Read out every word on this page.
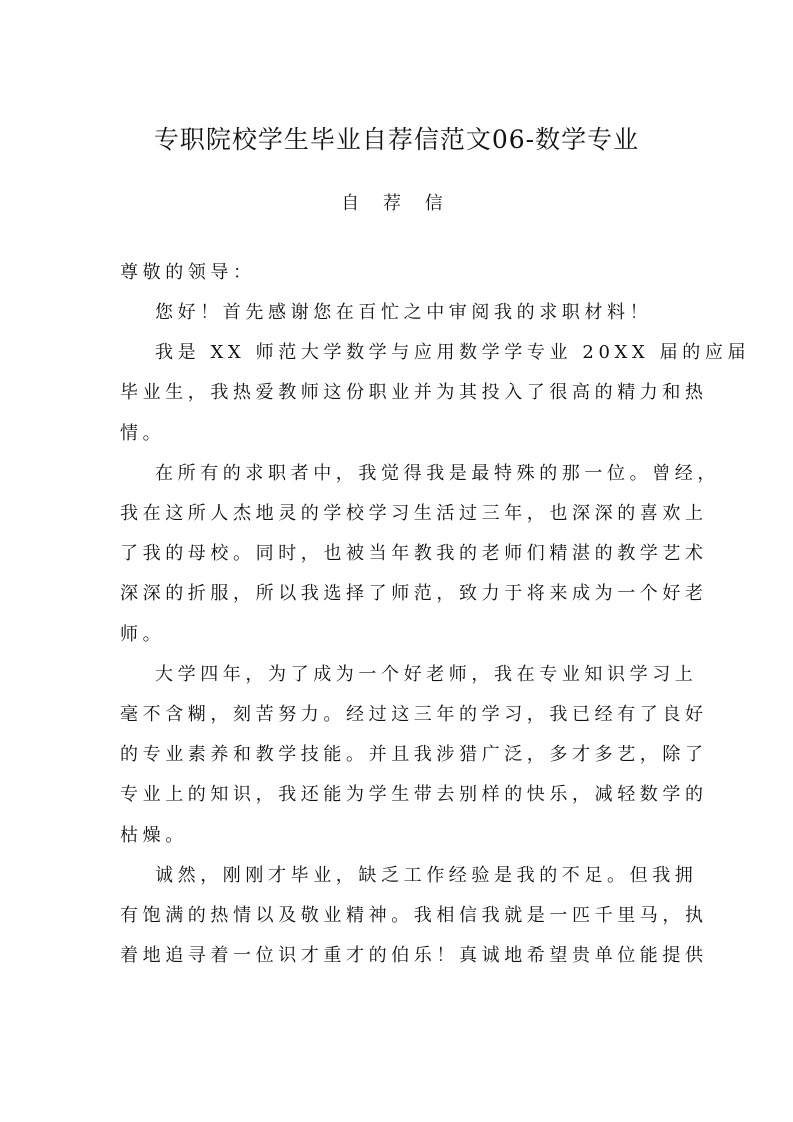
专职院校学生毕业自荐信范文06-数学专业
自 荐 信
尊敬的领导：
您好！首先感谢您在百忙之中审阅我的求职材料！
我是 XX 师范大学数学与应用数学学专业 20XX 届的应届
毕业生，我热爱教师这份职业并为其投入了很高的精力和热
情。
在所有的求职者中，我觉得我是最特殊的那一位。曾经，
我在这所人杰地灵的学校学习生活过三年，也深深的喜欢上
了我的母校。同时，也被当年教我的老师们精湛的教学艺术
深深的折服，所以我选择了师范，致力于将来成为一个好老
师。
大学四年，为了成为一个好老师，我在专业知识学习上
毫不含糊，刻苦努力。经过这三年的学习，我已经有了良好
的专业素养和教学技能。并且我涉猎广泛，多才多艺，除了
专业上的知识，我还能为学生带去别样的快乐，减轻数学的
枯燥。
诚然，刚刚才毕业，缺乏工作经验是我的不足。但我拥
有饱满的热情以及敬业精神。我相信我就是一匹千里马，执
着地追寻着一位识才重才的伯乐！真诚地希望贵单位能提供
